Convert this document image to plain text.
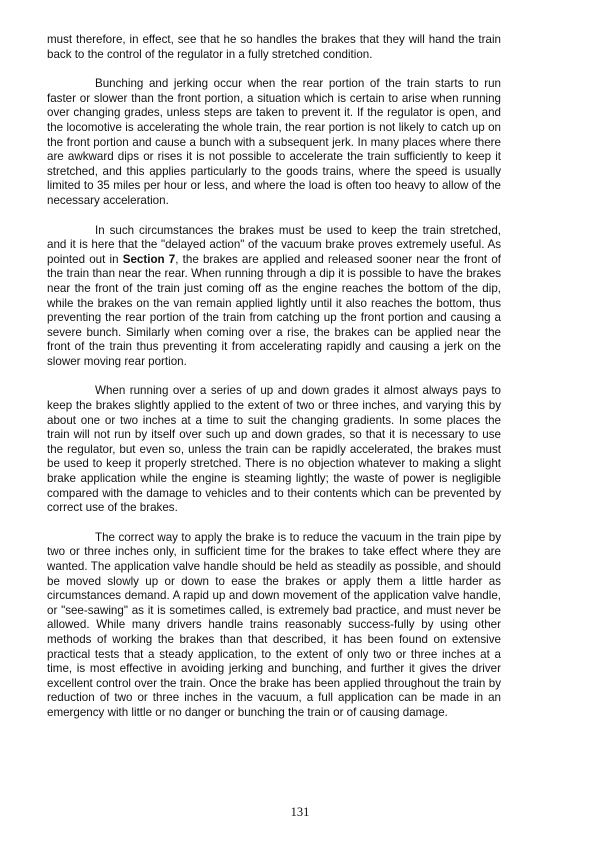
must therefore, in effect, see that he so handles the brakes that they will hand the train back to the control of the regulator in a fully stretched condition.

Bunching and jerking occur when the rear portion of the train starts to run faster or slower than the front portion, a situation which is certain to arise when running over changing grades, unless steps are taken to prevent it. If the regulator is open, and the locomotive is accelerating the whole train, the rear portion is not likely to catch up on the front portion and cause a bunch with a subsequent jerk. In many places where there are awkward dips or rises it is not possible to accelerate the train sufficiently to keep it stretched, and this applies particularly to the goods trains, where the speed is usually limited to 35 miles per hour or less, and where the load is often too heavy to allow of the necessary acceleration.

In such circumstances the brakes must be used to keep the train stretched, and it is here that the "delayed action" of the vacuum brake proves extremely useful. As pointed out in Section 7, the brakes are applied and released sooner near the front of the train than near the rear. When running through a dip it is possible to have the brakes near the front of the train just coming off as the engine reaches the bottom of the dip, while the brakes on the van remain applied lightly until it also reaches the bottom, thus preventing the rear portion of the train from catching up the front portion and causing a severe bunch. Similarly when coming over a rise, the brakes can be applied near the front of the train thus preventing it from accelerating rapidly and causing a jerk on the slower moving rear portion.

When running over a series of up and down grades it almost always pays to keep the brakes slightly applied to the extent of two or three inches, and varying this by about one or two inches at a time to suit the changing gradients. In some places the train will not run by itself over such up and down grades, so that it is necessary to use the regulator, but even so, unless the train can be rapidly accelerated, the brakes must be used to keep it properly stretched. There is no objection whatever to making a slight brake application while the engine is steaming lightly; the waste of power is negligible compared with the damage to vehicles and to their contents which can be prevented by correct use of the brakes.

The correct way to apply the brake is to reduce the vacuum in the train pipe by two or three inches only, in sufficient time for the brakes to take effect where they are wanted. The application valve handle should be held as steadily as possible, and should be moved slowly up or down to ease the brakes or apply them a little harder as circumstances demand. A rapid up and down movement of the application valve handle, or "see-sawing" as it is sometimes called, is extremely bad practice, and must never be allowed. While many drivers handle trains reasonably success-fully by using other methods of working the brakes than that described, it has been found on extensive practical tests that a steady application, to the extent of only two or three inches at a time, is most effective in avoiding jerking and bunching, and further it gives the driver excellent control over the train. Once the brake has been applied throughout the train by reduction of two or three inches in the vacuum, a full application can be made in an emergency with little or no danger or bunching the train or of causing damage.

131
